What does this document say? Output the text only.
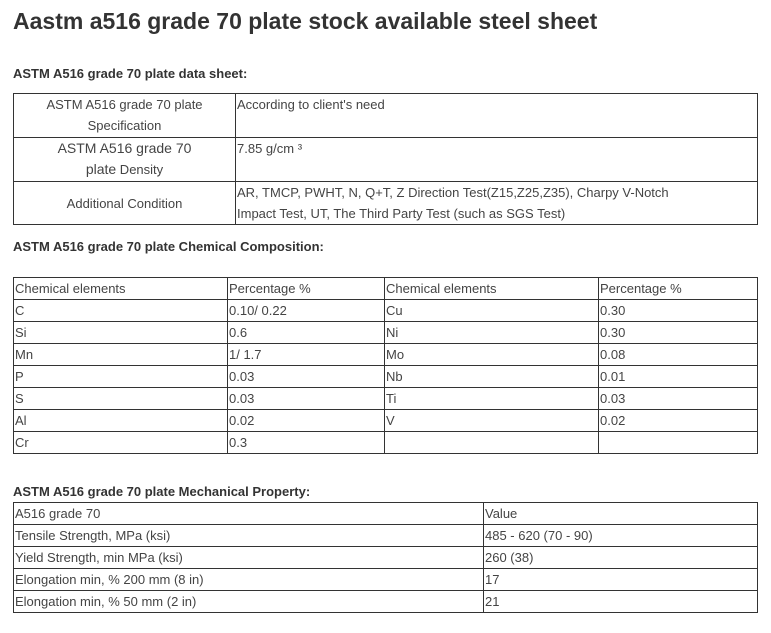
Aastm a516 grade 70 plate stock available steel sheet

ASTM A516 grade 70 plate data sheet:

ASTM A516 grade 70 plate
Specification	According to client's need
ASTM A516 grade 70
plate Density	7.85 g/cm ³
Additional Condition	AR, TMCP, PWHT, N, Q+T, Z Direction Test(Z15,Z25,Z35), Charpy V-Notch
Impact Test, UT, The Third Party Test (such as SGS Test)

ASTM A516 grade 70 plate Chemical Composition:

Chemical elements	Percentage %	Chemical elements	Percentage %
C	0.10/ 0.22	Cu	0.30
Si	0.6	Ni	0.30
Mn	1/ 1.7	Mo	0.08
P	0.03	Nb	0.01
S	0.03	Ti	0.03
Al	0.02	V	0.02
Cr	0.3		

ASTM A516 grade 70 plate Mechanical Property:

A516 grade 70	Value
Tensile Strength, MPa (ksi)	485 - 620 (70 - 90)
Yield Strength, min MPa (ksi)	260 (38)
Elongation min, % 200 mm (8 in)	17
Elongation min, % 50 mm (2 in)	21
